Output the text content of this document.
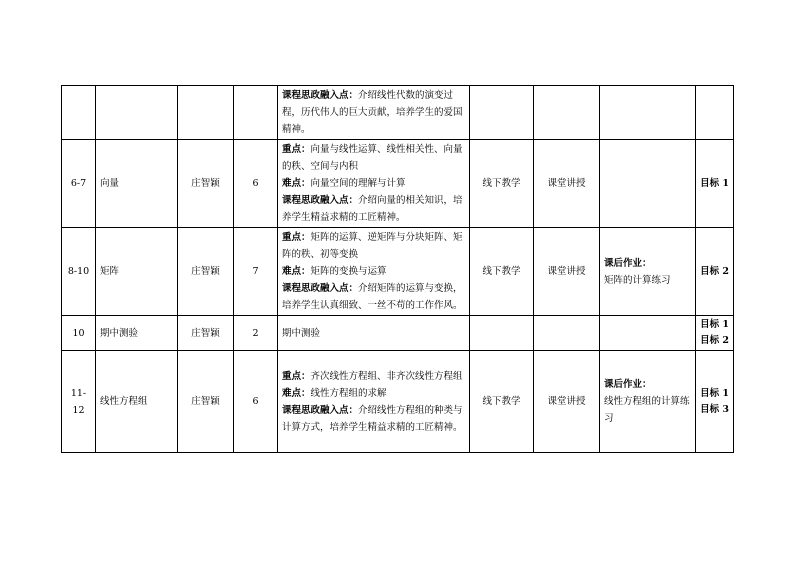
				课程思政融入点：介绍线性代数的演变过程，历代伟人的巨大贡献，培养学生的爱国精神。				

6-7	向量	庄智颖	6	重点：向量与线性运算、线性相关性、向量的秩、空间与内积
难点：向量空间的理解与计算
课程思政融入点：介绍向量的相关知识，培养学生精益求精的工匠精神。	线下教学	课堂讲授		目标 1

8-10	矩阵	庄智颖	7	重点：矩阵的运算、逆矩阵与分块矩阵、矩阵的秩、初等变换
难点：矩阵的变换与运算
课程思政融入点：介绍矩阵的运算与变换，培养学生认真细致、一丝不苟的工作作风。	线下教学	课堂讲授	课后作业：
矩阵的计算练习	目标 2

10	期中测验	庄智颖	2	期中测验				目标 1
目标 2

11-12	线性方程组	庄智颖	6	重点：齐次线性方程组、非齐次线性方程组
难点：线性方程组的求解
课程思政融入点：介绍线性方程组的种类与计算方式，培养学生精益求精的工匠精神。	线下教学	课堂讲授	课后作业：
线性方程组的计算练习	目标 1
目标 3
